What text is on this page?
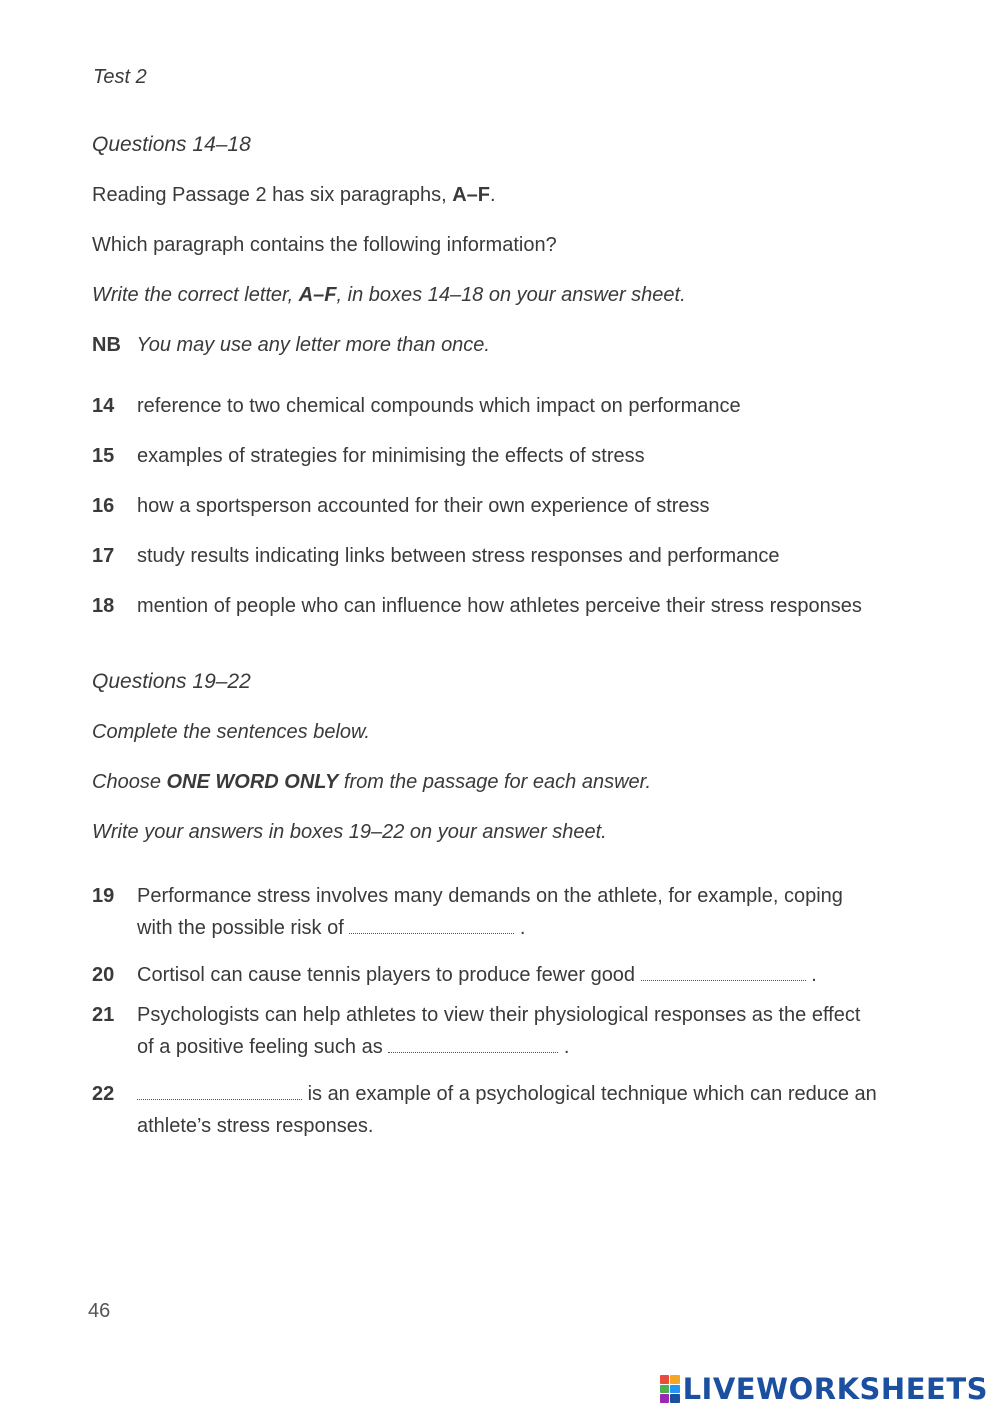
Test 2
Questions 14–18
Reading Passage 2 has six paragraphs, A–F.
Which paragraph contains the following information?
Write the correct letter, A–F, in boxes 14–18 on your answer sheet.
NB You may use any letter more than once.
14 reference to two chemical compounds which impact on performance
15 examples of strategies for minimising the effects of stress
16 how a sportsperson accounted for their own experience of stress
17 study results indicating links between stress responses and performance
18 mention of people who can influence how athletes perceive their stress responses
Questions 19–22
Complete the sentences below.
Choose ONE WORD ONLY from the passage for each answer.
Write your answers in boxes 19–22 on your answer sheet.
19 Performance stress involves many demands on the athlete, for example, coping
with the possible risk of	.
20 Cortisol can cause tennis players to produce fewer good	.
21 Psychologists can help athletes to view their physiological responses as the effect
of a positive feeling such as	.
22	is an example of a psychological technique which can reduce an
athlete’s stress responses.
46
LIVEWORKSHEETS
